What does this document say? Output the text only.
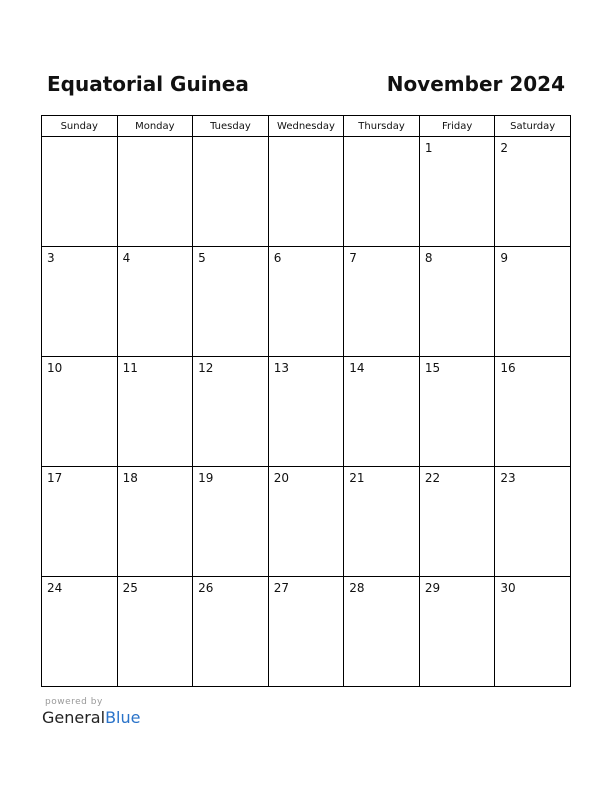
Equatorial Guinea	November 2024
Sunday	Monday	Tuesday	Wednesday	Thursday	Friday	Saturday

					1	2

3	4	5	6	7	8	9

10	11	12	13	14	15	16

17	18	19	20	21	22	23

24	25	26	27	28	29	30
powered by
GeneralBlue
